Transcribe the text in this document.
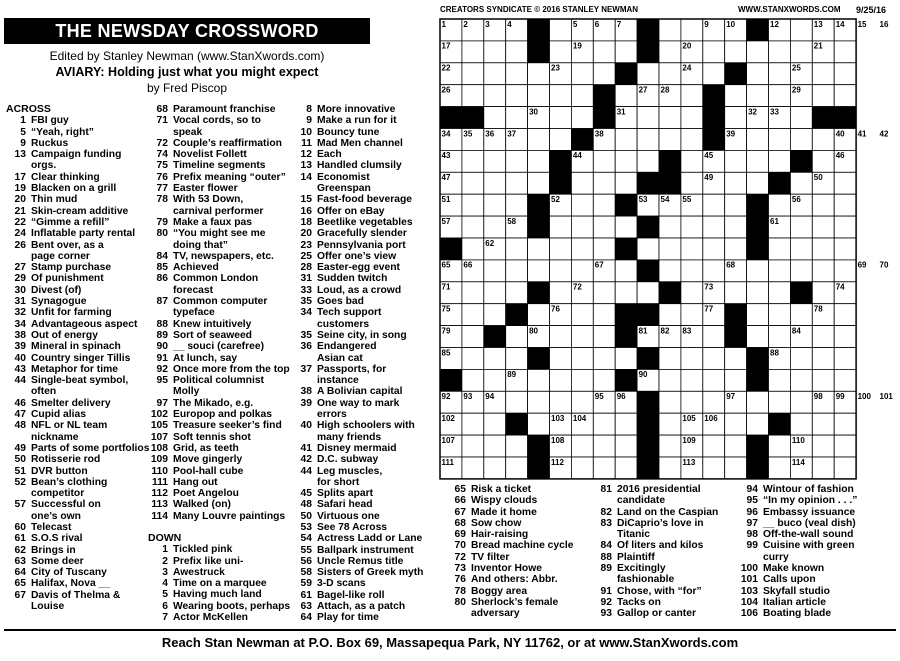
THE NEWSDAY CROSSWORD
Edited by Stanley Newman (www.StanXwords.com)
AVIARY: Holding just what you might expect
by Fred Piscop
CREATORS SYNDICATE © 2016 STANLEY NEWMAN	WWW.STANXWORDS.COM 9/25/16
1 2 3 4	5 6 7 8	9 10 11 12	13 14 15 16
17	18	19	20	21
22	23	24	25
26	27 28	29
30	31	32 33
34 35 36 37	38	39	40 41 42
43	44	45	46
47	48	49	50
51	52	53 54 55	56
57	58 59	60	61
62	63	64
65 66	67	68	69 70
71	72	73	74
75	76	77	78
79	80	81 82 83	84
85	86	87	88
89	90	91
92 93 94	95 96	97	98 99 100 101
102	103 104	105 106
107	108	109	110
111	112	113	114
ACROSS
1 FBI guy
5 “Yeah, right”
9 Ruckus
13 Campaign funding
orgs.
17 Clear thinking
19 Blacken on a grill
20 Thin mud
21 Skin-cream additive
22 “Gimme a refill”
24 Inflatable party rental
26 Bent over, as a
page corner
27 Stamp purchase
29 Of punishment
30 Divest (of)
31 Synagogue
32 Unfit for farming
34 Advantageous aspect
38 Out of energy
39 Mineral in spinach
40 Country singer Tillis
43 Metaphor for time
44 Single-beat symbol,
often
46 Smelter delivery
47 Cupid alias
48 NFL or NL team
nickname
49 Parts of some portfolios
50 Rotisserie rod
51 DVR button
52 Bean’s clothing
competitor
57 Successful on
one’s own
60 Telecast
61 S.O.S rival
62 Brings in
63 Some deer
64 City of Tuscany
65 Halifax, Nova __
67 Davis of Thelma &
Louise
68 Paramount franchise
71 Vocal cords, so to
speak
72 Couple’s reaffirmation
74 Novelist Follett
75 Timeline segments
76 Prefix meaning “outer”
77 Easter flower
78 With 53 Down,
carnival performer
79 Make a faux pas
80 “You might see me
doing that”
84 TV, newspapers, etc.
85 Achieved
86 Common London
forecast
87 Common computer
typeface
88 Knew intuitively
89 Sort of seaweed
90 __ souci (carefree)
91 At lunch, say
92 Once more from the top
95 Political columnist
Molly
97 The Mikado, e.g.
102 Europop and polkas
105 Treasure seeker’s find
107 Soft tennis shot
108 Grid, as teeth
109 Move gingerly
110 Pool-hall cube
111 Hang out
112 Poet Angelou
113 Walked (on)
114 Many Louvre paintings
DOWN
1 Tickled pink
2 Prefix like uni-
3 Awestruck
4 Time on a marquee
5 Having much land
6 Wearing boots, perhaps
7 Actor McKellen
8 More innovative
9 Make a run for it
10 Bouncy tune
11 Mad Men channel
12 Each
13 Handled clumsily
14 Economist
Greenspan
15 Fast-food beverage
16 Offer on eBay
18 Beetlike vegetables
20 Gracefully slender
23 Pennsylvania port
25 Offer one’s view
28 Easter-egg event
31 Sudden twitch
33 Loud, as a crowd
35 Goes bad
34 Tech support
customers
35 Seine city, in song
36 Endangered
Asian cat
37 Passports, for
instance
38 A Bolivian capital
39 One way to mark
errors
40 High schoolers with
many friends
41 Disney mermaid
42 D.C. subway
44 Leg muscles,
for short
45 Splits apart
48 Safari head
50 Virtuous one
53 See 78 Across
54 Actress Ladd or Lane
55 Ballpark instrument
56 Uncle Remus title
58 Sisters of Greek myth
59 3-D scans
61 Bagel-like roll
63 Attach, as a patch
64 Play for time
65 Risk a ticket
66 Wispy clouds
67 Made it home
68 Sow chow
69 Hair-raising
70 Bread machine cycle
72 TV filter
73 Inventor Howe
76 And others: Abbr.
78 Boggy area
80 Sherlock’s female
adversary
81 2016 presidential
candidate
82 Land on the Caspian
83 DiCaprio’s love in
Titanic
84 Of liters and kilos
88 Plaintiff
89 Excitingly
fashionable
91 Chose, with “for”
92 Tacks on
93 Gallop or canter
94 Wintour of fashion
95 “In my opinion . . .”
96 Embassy issuance
97 __ buco (veal dish)
98 Off-the-wall sound
99 Cuisine with green
curry
100 Make known
101 Calls upon
103 Skyfall studio
104 Italian article
106 Boating blade
Reach Stan Newman at P.O. Box 69, Massapequa Park, NY 11762, or at www.StanXwords.com
